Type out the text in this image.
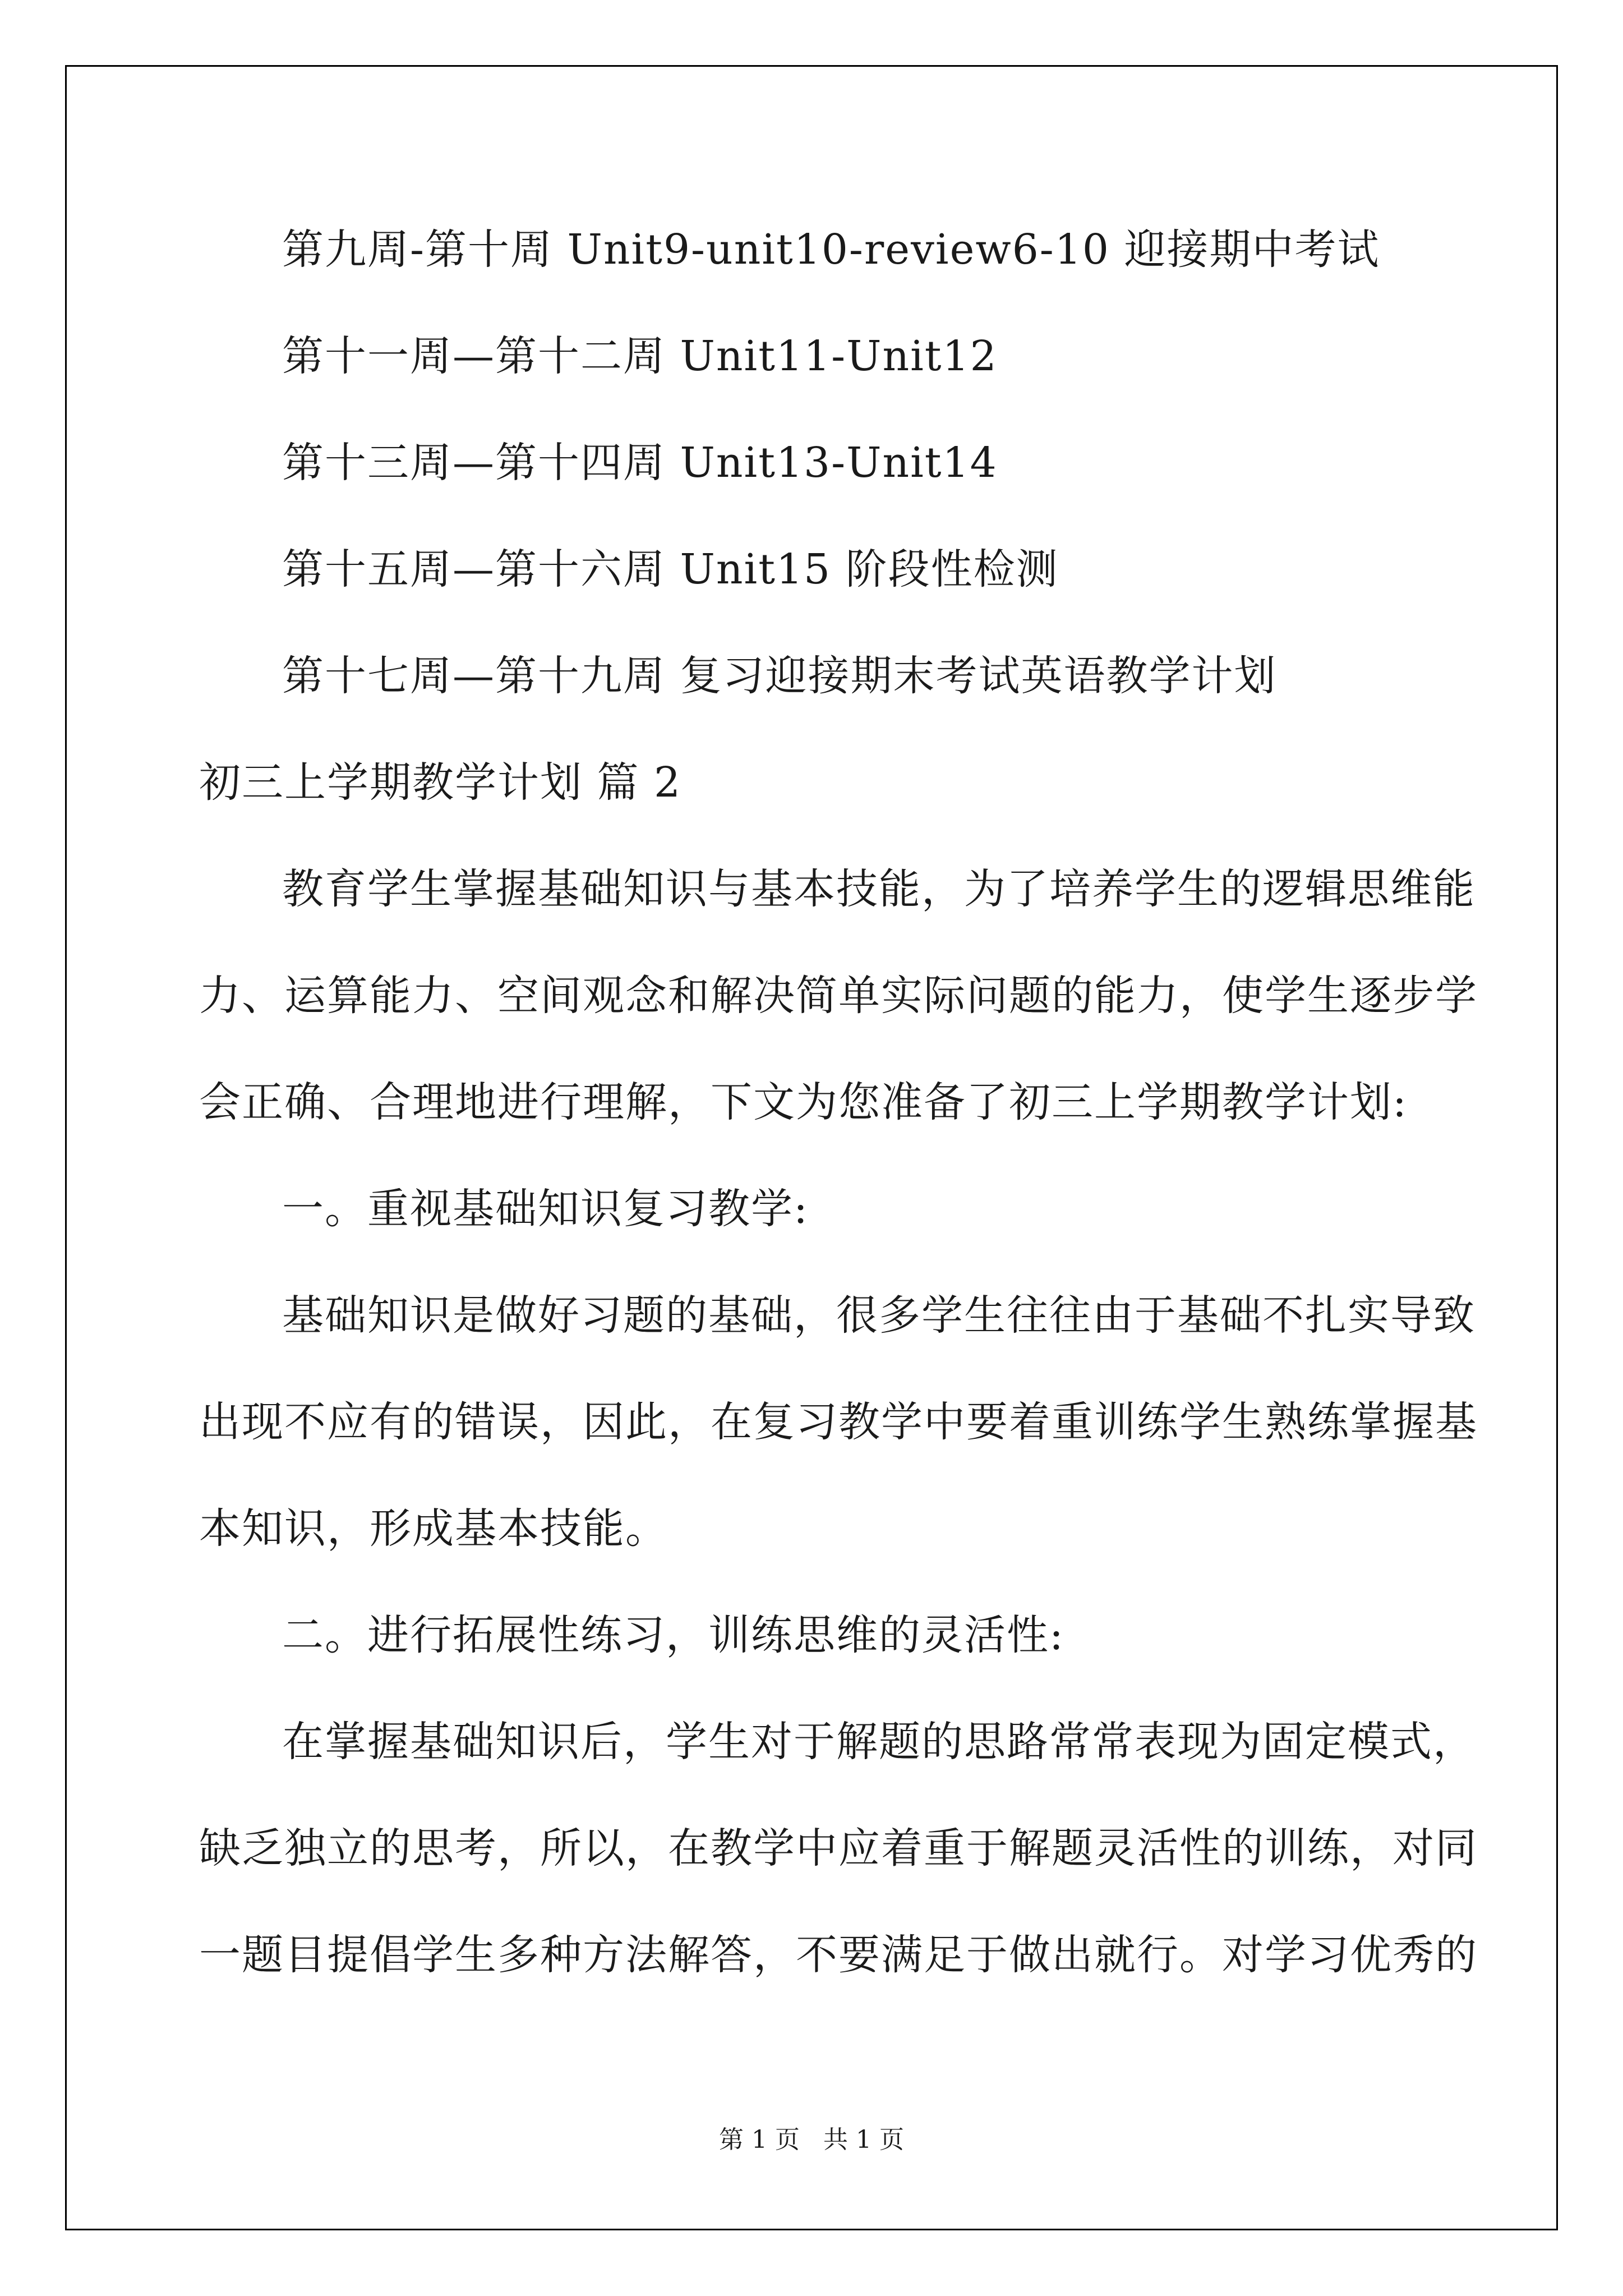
第九周-第十周 Unit9-unit10-review6-10 迎接期中考试

第十一周—第十二周 Unit11-Unit12

第十三周—第十四周 Unit13-Unit14

第十五周—第十六周 Unit15 阶段性检测

第十七周—第十九周 复习迎接期末考试英语教学计划

初三上学期教学计划 篇 2

教育学生掌握基础知识与基本技能，为了培养学生的逻辑思维能

力、运算能力、空间观念和解决简单实际问题的能力，使学生逐步学

会正确、合理地进行理解，下文为您准备了初三上学期教学计划:

一。重视基础知识复习教学:

基础知识是做好习题的基础，很多学生往往由于基础不扎实导致

出现不应有的错误，因此，在复习教学中要着重训练学生熟练掌握基

本知识，形成基本技能。

二。进行拓展性练习，训练思维的灵活性:

在掌握基础知识后，学生对于解题的思路常常表现为固定模式，

缺乏独立的思考，所以，在教学中应着重于解题灵活性的训练，对同
一题目提倡学生多种方法解答，不要满足于做出就行。对学习优秀的
第 1 页   共 1 页
